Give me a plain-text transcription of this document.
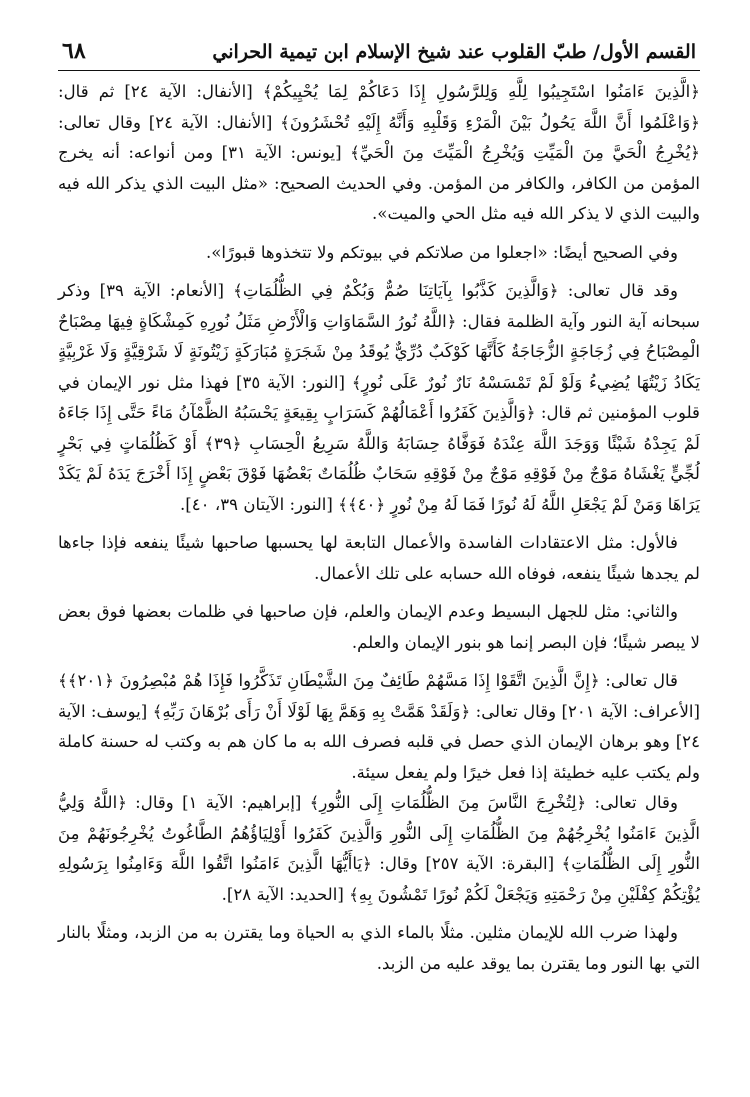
القسم الأول/ طبّ القلوب عند شيخ الإسلام ابن تيمية الحراني
٦٨

﴿الَّذِينَ ءَامَنُوا اسْتَجِيبُوا لِلَّهِ وَلِلرَّسُولِ إِذَا دَعَاكُمْ لِمَا يُحْيِيكُمْ﴾ [الأنفال: الآية ٢٤] ثم قال: ﴿وَاعْلَمُوا أَنَّ اللَّهَ يَحُولُ بَيْنَ الْمَرْءِ وَقَلْبِهِ وَأَنَّهُ إِلَيْهِ تُحْشَرُونَ﴾ [الأنفال: الآية ٢٤] وقال تعالى: ﴿يُخْرِجُ الْحَيَّ مِنَ الْمَيِّتِ وَيُخْرِجُ الْمَيِّتَ مِنَ الْحَيِّ﴾ [يونس: الآية ٣١] ومن أنواعه: أنه يخرج المؤمن من الكافر، والكافر من المؤمن. وفي الحديث الصحيح: «مثل البيت الذي يذكر الله فيه والبيت الذي لا يذكر الله فيه مثل الحي والميت».

وفي الصحيح أيضًا: «اجعلوا من صلاتكم في بيوتكم ولا تتخذوها قبورًا».

وقد قال تعالى: ﴿وَالَّذِينَ كَذَّبُوا بِآيَاتِنَا صُمٌّ وَبُكْمٌ فِي الظُّلُمَاتِ﴾ [الأنعام: الآية ٣٩] وذكر سبحانه آية النور وآية الظلمة فقال: ﴿اللَّهُ نُورُ السَّمَاوَاتِ وَالْأَرْضِ مَثَلُ نُورِهِ كَمِشْكَاةٍ فِيهَا مِصْبَاحٌ الْمِصْبَاحُ فِي زُجَاجَةٍ الزُّجَاجَةُ كَأَنَّهَا كَوْكَبٌ دُرِّيٌّ يُوقَدُ مِنْ شَجَرَةٍ مُبَارَكَةٍ زَيْتُونَةٍ لَا شَرْقِيَّةٍ وَلَا غَرْبِيَّةٍ يَكَادُ زَيْتُهَا يُضِيءُ وَلَوْ لَمْ تَمْسَسْهُ نَارٌ نُورٌ عَلَى نُورٍ﴾ [النور: الآية ٣٥] فهذا مثل نور الإيمان في قلوب المؤمنين ثم قال: ﴿وَالَّذِينَ كَفَرُوا أَعْمَالُهُمْ كَسَرَابٍ بِقِيعَةٍ يَحْسَبُهُ الظَّمْآنُ مَاءً حَتَّى إِذَا جَاءَهُ لَمْ يَجِدْهُ شَيْئًا وَوَجَدَ اللَّهَ عِنْدَهُ فَوَفَّاهُ حِسَابَهُ وَاللَّهُ سَرِيعُ الْحِسَابِ ﴿٣٩﴾ أَوْ كَظُلُمَاتٍ فِي بَحْرٍ لُجِّيٍّ يَغْشَاهُ مَوْجٌ مِنْ فَوْقِهِ مَوْجٌ مِنْ فَوْقِهِ سَحَابٌ ظُلُمَاتٌ بَعْضُهَا فَوْقَ بَعْضٍ إِذَا أَخْرَجَ يَدَهُ لَمْ يَكَدْ يَرَاهَا وَمَنْ لَمْ يَجْعَلِ اللَّهُ لَهُ نُورًا فَمَا لَهُ مِنْ نُورٍ ﴿٤٠﴾﴾ [النور: الآيتان ٣٩، ٤٠].

فالأول: مثل الاعتقادات الفاسدة والأعمال التابعة لها يحسبها صاحبها شيئًا ينفعه فإذا جاءها لم يجدها شيئًا ينفعه، فوفاه الله حسابه على تلك الأعمال.

والثاني: مثل للجهل البسيط وعدم الإيمان والعلم، فإن صاحبها في ظلمات بعضها فوق بعض لا يبصر شيئًا؛ فإن البصر إنما هو بنور الإيمان والعلم.

قال تعالى: ﴿إِنَّ الَّذِينَ اتَّقَوْا إِذَا مَسَّهُمْ طَائِفٌ مِنَ الشَّيْطَانِ تَذَكَّرُوا فَإِذَا هُمْ مُبْصِرُونَ ﴿٢٠١﴾﴾ [الأعراف: الآية ٢٠١] وقال تعالى: ﴿وَلَقَدْ هَمَّتْ بِهِ وَهَمَّ بِهَا لَوْلَا أَنْ رَأَى بُرْهَانَ رَبِّهِ﴾ [يوسف: الآية ٢٤] وهو برهان الإيمان الذي حصل في قلبه فصرف الله به ما كان هم به وكتب له حسنة كاملة ولم يكتب عليه خطيئة إذا فعل خيرًا ولم يفعل سيئة.

وقال تعالى: ﴿لِتُخْرِجَ النَّاسَ مِنَ الظُّلُمَاتِ إِلَى النُّورِ﴾ [إبراهيم: الآية ١] وقال: ﴿اللَّهُ وَلِيُّ الَّذِينَ ءَامَنُوا يُخْرِجُهُمْ مِنَ الظُّلُمَاتِ إِلَى النُّورِ وَالَّذِينَ كَفَرُوا أَوْلِيَاؤُهُمُ الطَّاغُوتُ يُخْرِجُونَهُمْ مِنَ النُّورِ إِلَى الظُّلُمَاتِ﴾ [البقرة: الآية ٢٥٧] وقال: ﴿يَاأَيُّهَا الَّذِينَ ءَامَنُوا اتَّقُوا اللَّهَ وَءَامِنُوا بِرَسُولِهِ يُؤْتِكُمْ كِفْلَيْنِ مِنْ رَحْمَتِهِ وَيَجْعَلْ لَكُمْ نُورًا تَمْشُونَ بِهِ﴾ [الحديد: الآية ٢٨].

ولهذا ضرب الله للإيمان مثلين. مثلًا بالماء الذي به الحياة وما يقترن به من الزبد، ومثلًا بالنار التي بها النور وما يقترن بما يوقد عليه من الزبد.
